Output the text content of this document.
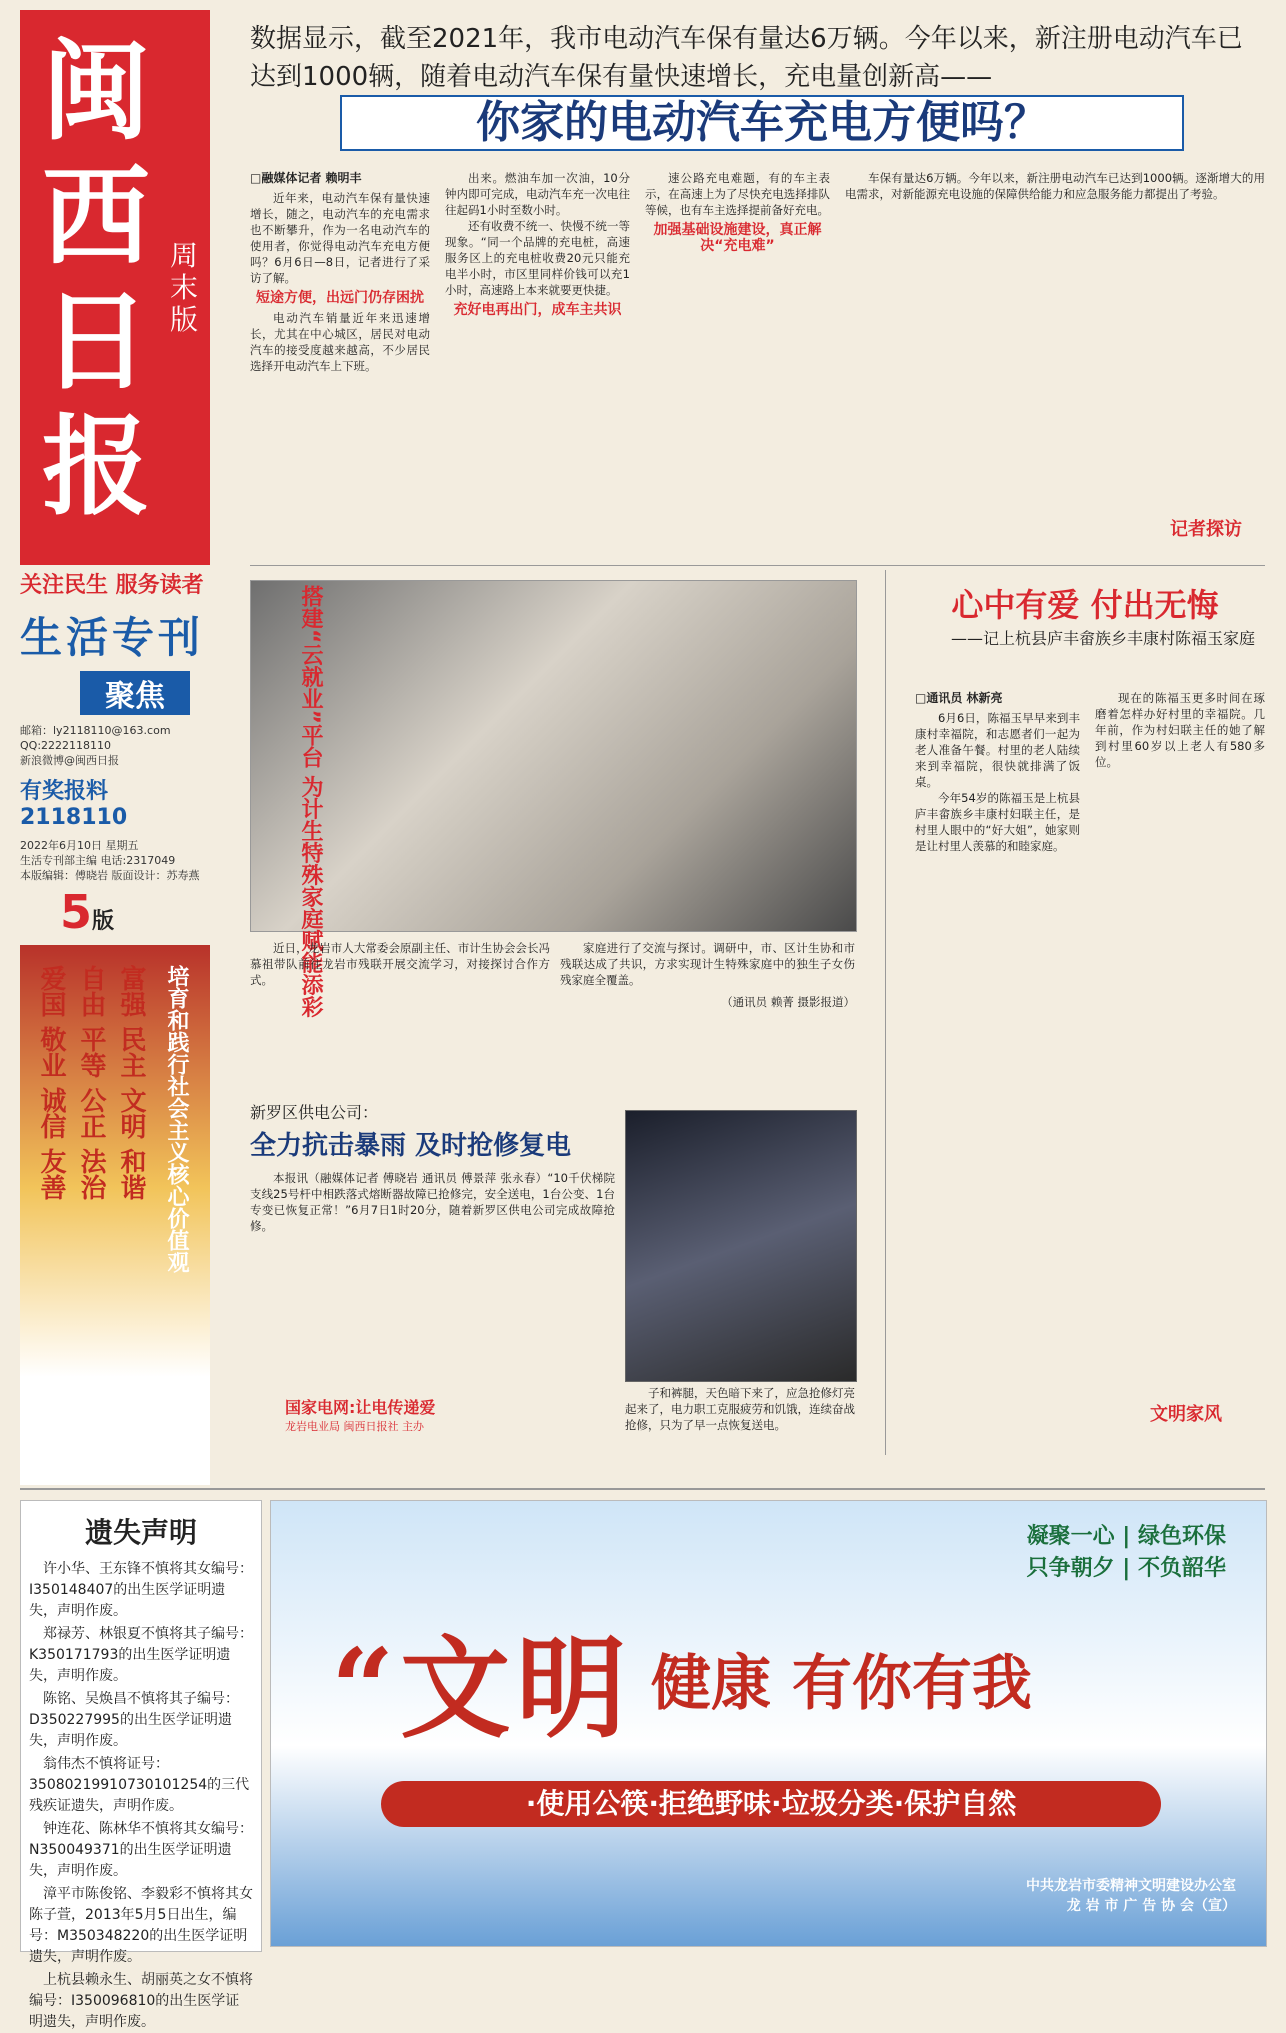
闽西日报
周末版
关注民生 服务读者
生活专刊
聚焦
邮箱：ly2118110@163.com
QQ:2222118110
新浪微博@闽西日报
有奖报料 2118110
2022年6月10日 星期五
生活专刊部主编 电话:2317049
本版编辑：傅晓岩 版面设计：苏寿燕
5版
培育和践行社会主义核心价值观
富强 民主 文明 和谐
自由 平等 公正 法治
爱国 敬业 诚信 友善
数据显示，截至2021年，我市电动汽车保有量达6万辆。今年以来，新注册电动汽车已达到1000辆，随着电动汽车保有量快速增长，充电量创新高——
你家的电动汽车充电方便吗？
□融媒体记者 赖明丰

近年来，电动汽车保有量快速增长，随之，电动汽车的充电需求也不断攀升，作为一名电动汽车的使用者，你觉得电动汽车充电方便吗？6月6日—8日，记者进行了采访了解。

短途方便，出远门仍存困扰

电动汽车销量近年来迅速增长，尤其在中心城区，居民对电动汽车的接受度越来越高，不少居民选择开电动汽车上下班。

出来。燃油车加一次油，10分钟内即可完成，电动汽车充一次电往往起码1小时至数小时。

还有收费不统一、快慢不统一等现象。“同一个品牌的充电桩，高速服务区上的充电桩收费20元只能充电半小时，市区里同样价钱可以充1小时，高速路上本来就要更快捷。

充好电再出门，成车主共识

速公路充电难题，有的车主表示，在高速上为了尽快充电选择排队等候，也有车主选择提前备好充电。

加强基础设施建设，真正解决“充电难”

车保有量达6万辆。今年以来，新注册电动汽车已达到1000辆。逐渐增大的用电需求，对新能源充电设施的保障供给能力和应急服务能力都提出了考验。

记者探访
搭建“云就业”平台 为计生特殊家庭赋能添彩

近日，龙岩市人大常委会原副主任、市计生协会会长冯慕祖带队前往龙岩市残联开展交流学习，对接探讨合作方式。

家庭进行了交流与探讨。调研中，市、区计生协和市残联达成了共识，方求实现计生特殊家庭中的独生子女伤残家庭全覆盖。

（通讯员 赖菁 摄影报道）
心中有爱 付出无悔
——记上杭县庐丰畲族乡丰康村陈福玉家庭
□通讯员 林新亮

6月6日，陈福玉早早来到丰康村幸福院，和志愿者们一起为老人准备午餐。村里的老人陆续来到幸福院，很快就排满了饭桌。

今年54岁的陈福玉是上杭县庐丰畲族乡丰康村妇联主任，是村里人眼中的“好大姐”，她家则是让村里人羡慕的和睦家庭。

现在的陈福玉更多时间在琢磨着怎样办好村里的幸福院。几年前，作为村妇联主任的她了解到村里60岁以上老人有580多位。

文明家风
新罗区供电公司：
全力抗击暴雨 及时抢修复电

本报讯（融媒体记者 傅晓岩 通讯员 傅景萍 张永春）“10千伏梯院支线25号杆中相跌落式熔断器故障已抢修完，安全送电，1台公变、1台专变已恢复正常！”6月7日1时20分，随着新罗区供电公司完成故障抢修。

子和裤腿，天色暗下来了，应急抢修灯亮起来了，电力职工克服疲劳和饥饿，连续奋战抢修，只为了早一点恢复送电。

国家电网:让电传递爱
龙岩电业局 闽西日报社 主办
遗失声明

许小华、王东锋不慎将其女编号：I350148407的出生医学证明遗失，声明作废。

郑禄芳、林银夏不慎将其子编号：K350171793的出生医学证明遗失，声明作废。

陈铭、吴焕昌不慎将其子编号：D350227995的出生医学证明遗失，声明作废。

翁伟杰不慎将证号：35080219910730101254的三代残疾证遗失，声明作废。

钟连花、陈林华不慎将其女编号：N350049371的出生医学证明遗失，声明作废。

漳平市陈俊铭、李毅彩不慎将其女陈子萱，2013年5月5日出生，编号：M350348220的出生医学证明遗失，声明作废。

上杭县赖永生、胡丽英之女不慎将编号：I350096810的出生医学证明遗失，声明作废。

凝聚一心 | 绿色环保
只争朝夕 | 不负韶华
“文明 健康 有你有我
·使用公筷·拒绝野味·垃圾分类·保护自然
中共龙岩市委精神文明建设办公室
龙 岩 市 广 告 协 会（宣）
